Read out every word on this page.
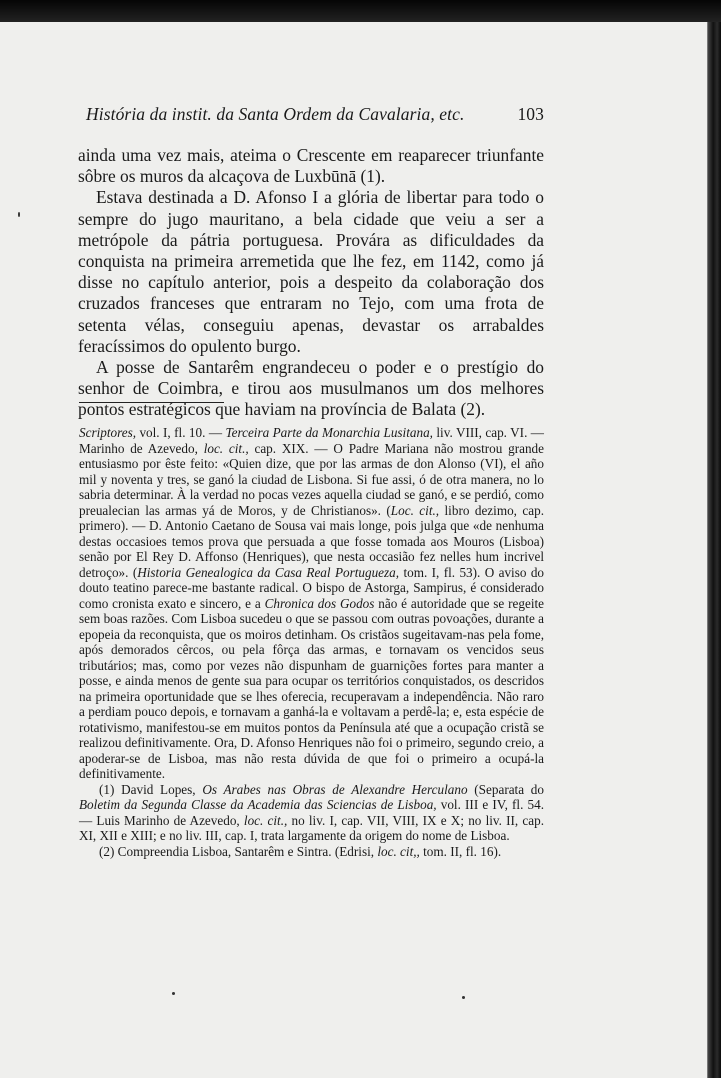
História da instit. da Santa Ordem da Cavalaria, etc.	103

ainda uma vez mais, ateima o Crescente em reaparecer triunfante sôbre os muros da alcaçova de Luxbūnā (1).

Estava destinada a D. Afonso I a glória de libertar para todo o sempre do jugo mauritano, a bela cidade que veiu a ser a metrópole da pátria portuguesa. Provára as dificuldades da conquista na primeira arremetida que lhe fez, em 1142, como já disse no capítulo anterior, pois a despeito da colaboração dos cruzados franceses que entraram no Tejo, com uma frota de setenta vélas, conseguiu apenas, devastar os arrabaldes feracíssimos do opulento burgo.

A posse de Santarêm engrandeceu o poder e o prestígio do senhor de Coimbra, e tirou aos musulmanos um dos melhores pontos estratégicos que haviam na província de Balata (2).

Scriptores, vol. I, fl. 10. — Terceira Parte da Monarchia Lusitana, liv. VIII, cap. VI. — Marinho de Azevedo, loc. cit., cap. XIX. — O Padre Mariana não mostrou grande entusiasmo por êste feito: «Quien dize, que por las armas de don Alonso (VI), el año mil y noventa y tres, se ganó la ciudad de Lisbona. Si fue assi, ó de otra manera, no lo sabria determinar. À la verdad no pocas vezes aquella ciudad se ganó, e se perdió, como preualecian las armas yá de Moros, y de Christianos». (Loc. cit., libro dezimo, cap. primero). — D. Antonio Caetano de Sousa vai mais longe, pois julga que «de nenhuma destas occasioes temos prova que persuada a que fosse tomada aos Mouros (Lisboa) senão por El Rey D. Affonso (Henriques), que nesta occasião fez nelles hum incrivel detroço». (Historia Genealogica da Casa Real Portugueza, tom. I, fl. 53). O aviso do douto teatino parece-me bastante radical. O bispo de Astorga, Sampirus, é considerado como cronista exato e sincero, e a Chronica dos Godos não é autoridade que se regeite sem boas razões. Com Lisboa sucedeu o que se passou com outras povoações, durante a epopeia da reconquista, que os moiros detinham. Os cristãos sugeitavam-nas pela fome, após demorados cêrcos, ou pela fôrça das armas, e tornavam os vencidos seus tributários; mas, como por vezes não dispunham de guarnições fortes para manter a posse, e ainda menos de gente sua para ocupar os territórios conquistados, os descridos na primeira oportunidade que se lhes oferecia, recuperavam a independência. Não raro a perdiam pouco depois, e tornavam a ganhá-la e voltavam a perdê-la; e, esta espécie de rotativismo, manifestou-se em muitos pontos da Península até que a ocupação cristã se realizou definitivamente. Ora, D. Afonso Henriques não foi o primeiro, segundo creio, a apoderar-se de Lisboa, mas não resta dúvida de que foi o primeiro a ocupá-la definitivamente.

(1) David Lopes, Os Arabes nas Obras de Alexandre Herculano (Separata do Boletim da Segunda Classe da Academia das Sciencias de Lisboa, vol. III e IV, fl. 54. — Luis Marinho de Azevedo, loc. cit., no liv. I, cap. VII, VIII, IX e X; no liv. II, cap. XI, XII e XIII; e no liv. III, cap. I, trata largamente da origem do nome de Lisboa.

(2) Compreendia Lisboa, Santarêm e Sintra. (Edrisi, loc. cit,, tom. II, fl. 16).
